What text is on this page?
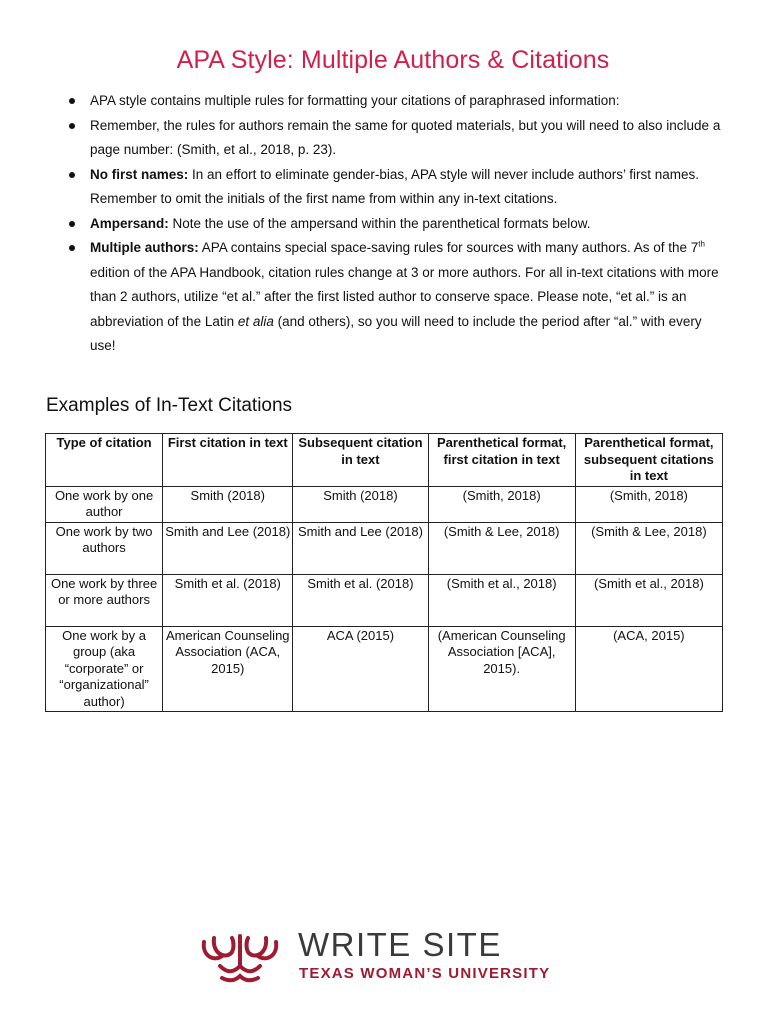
APA Style: Multiple Authors & Citations
APA style contains multiple rules for formatting your citations of paraphrased information:
Remember, the rules for authors remain the same for quoted materials, but you will need to also include a page number: (Smith, et al., 2018, p. 23).
No first names: In an effort to eliminate gender-bias, APA style will never include authors’ first names. Remember to omit the initials of the first name from within any in-text citations.
Ampersand: Note the use of the ampersand within the parenthetical formats below.
Multiple authors: APA contains special space-saving rules for sources with many authors. As of the 7th edition of the APA Handbook, citation rules change at 3 or more authors. For all in-text citations with more than 2 authors, utilize “et al.” after the first listed author to conserve space. Please note, “et al.” is an abbreviation of the Latin et alia (and others), so you will need to include the period after “al.” with every use!
Examples of In-Text Citations
Type of citation	First citation in text	Subsequent citation in text	Parenthetical format, first citation in text	Parenthetical format, subsequent citations in text
One work by one author	Smith (2018)	Smith (2018)	(Smith, 2018)	(Smith, 2018)
One work by two authors	Smith and Lee (2018)	Smith and Lee (2018)	(Smith & Lee, 2018)	(Smith & Lee, 2018)
One work by three or more authors	Smith et al. (2018)	Smith et al. (2018)	(Smith et al., 2018)	(Smith et al., 2018)
One work by a group (aka “corporate” or “organizational” author)	American Counseling Association (ACA, 2015)	ACA (2015)	(American Counseling Association [ACA], 2015).	(ACA, 2015)
WRITE SITE
TEXAS WOMAN’S UNIVERSITY
